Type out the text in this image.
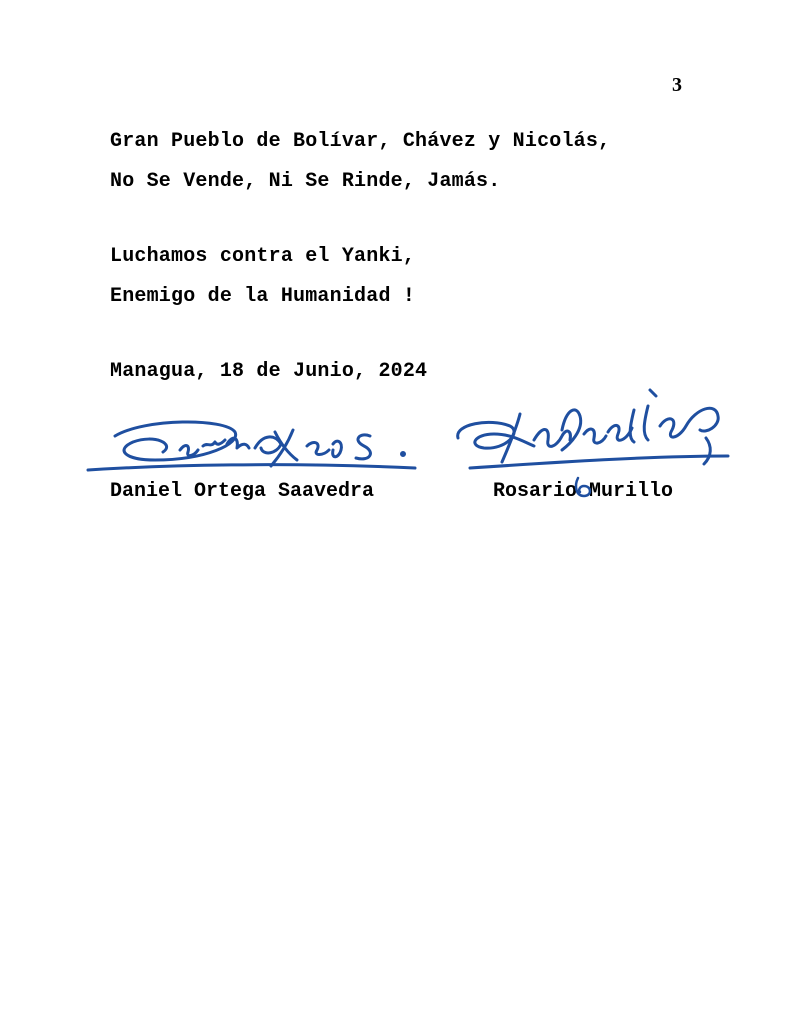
3
Gran Pueblo de Bolívar, Chávez y Nicolás,
No Se Vende, Ni Se Rinde, Jamás.
Luchamos contra el Yanki,
Enemigo de la Humanidad !
Managua, 18 de Junio, 2024
Daniel Ortega Saavedra	Rosario Murillo
